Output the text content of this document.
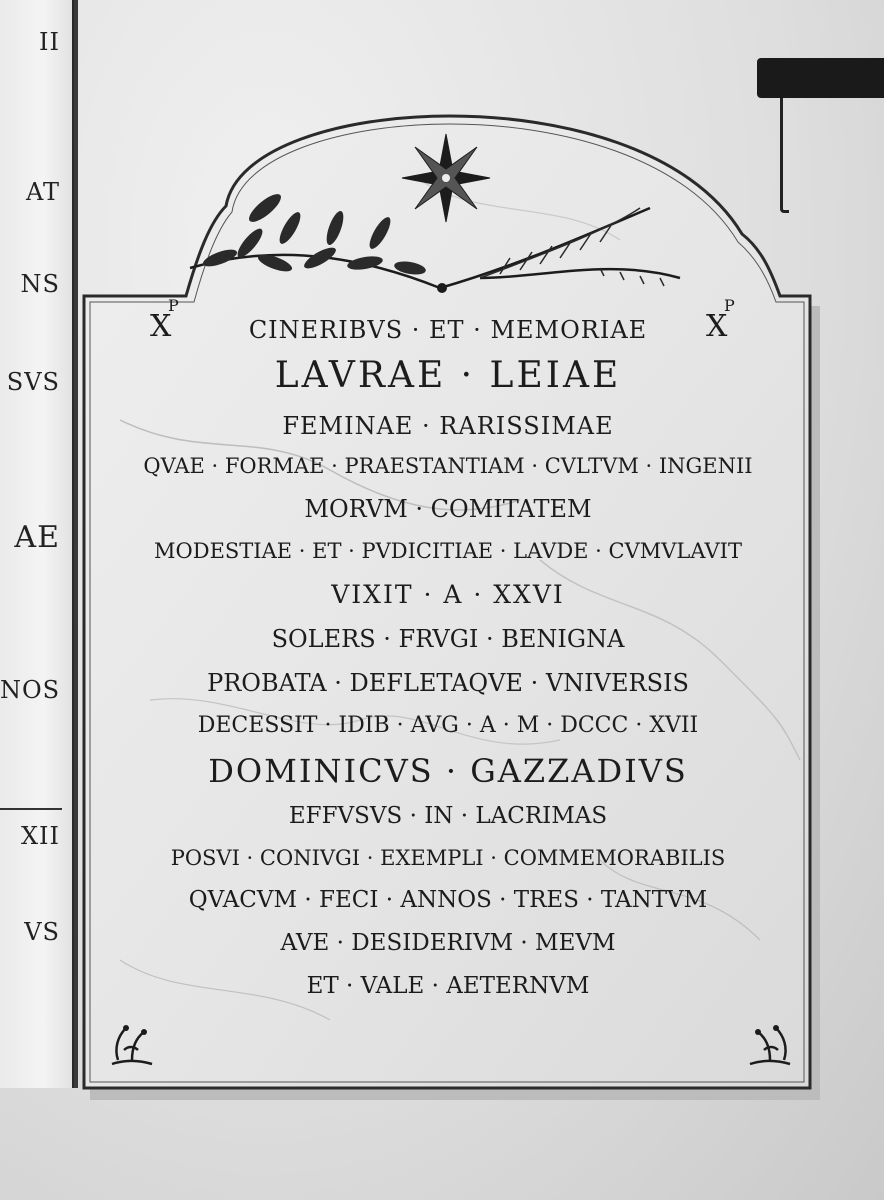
II
AT
NS
SVS
AE
NOS
XII
VS
P
X
P
X
CINERIBVS · ET · MEMORIAE
LAVRAE · LEIAE
FEMINAE · RARISSIMAE
QVAE · FORMAE · PRAESTANTIAM · CVLTVM · INGENII
MORVM · COMITATEM
MODESTIAE · ET · PVDICITIAE · LAVDE · CVMVLAVIT
VIXIT · A · XXVI
SOLERS · FRVGI · BENIGNA
PROBATA · DEFLETAQVE · VNIVERSIS
DECESSIT · IDIB · AVG · A · M · DCCC · XVII
DOMINICVS · GAZZADIVS
EFFVSVS · IN · LACRIMAS
POSVI · CONIVGI · EXEMPLI · COMMEMORABILIS
QVACVM · FECI · ANNOS · TRES · TANTVM
AVE · DESIDERIVM · MEVM
ET · VALE · AETERNVM
